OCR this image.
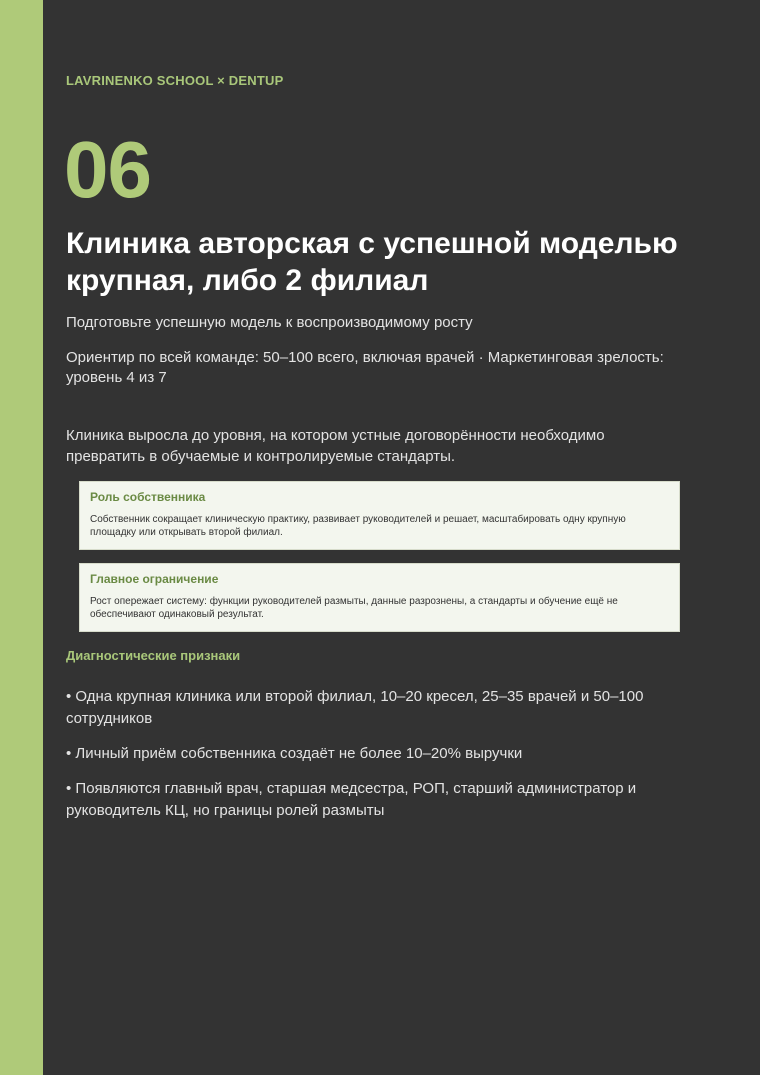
LAVRINENKO SCHOOL × DENTUP
06
Клиника авторская с успешной моделью крупная, либо 2 филиал
Подготовьте успешную модель к воспроизводимому росту
Ориентир по всей команде: 50–100 всего, включая врачей · Маркетинговая зрелость: уровень 4 из 7
Клиника выросла до уровня, на котором устные договорённости необходимо превратить в обучаемые и контролируемые стандарты.
Роль собственника

Собственник сокращает клиническую практику, развивает руководителей и решает, масштабировать одну крупную площадку или открывать второй филиал.

Главное ограничение

Рост опережает систему: функции руководителей размыты, данные разрознены, а стандарты и обучение ещё не обеспечивают одинаковый результат.

Диагностические признаки
• Одна крупная клиника или второй филиал, 10–20 кресел, 25–35 врачей и 50–100 сотрудников
• Личный приём собственника создаёт не более 10–20% выручки
• Появляются главный врач, старшая медсестра, РОП, старший администратор и руководитель КЦ, но границы ролей размыты
